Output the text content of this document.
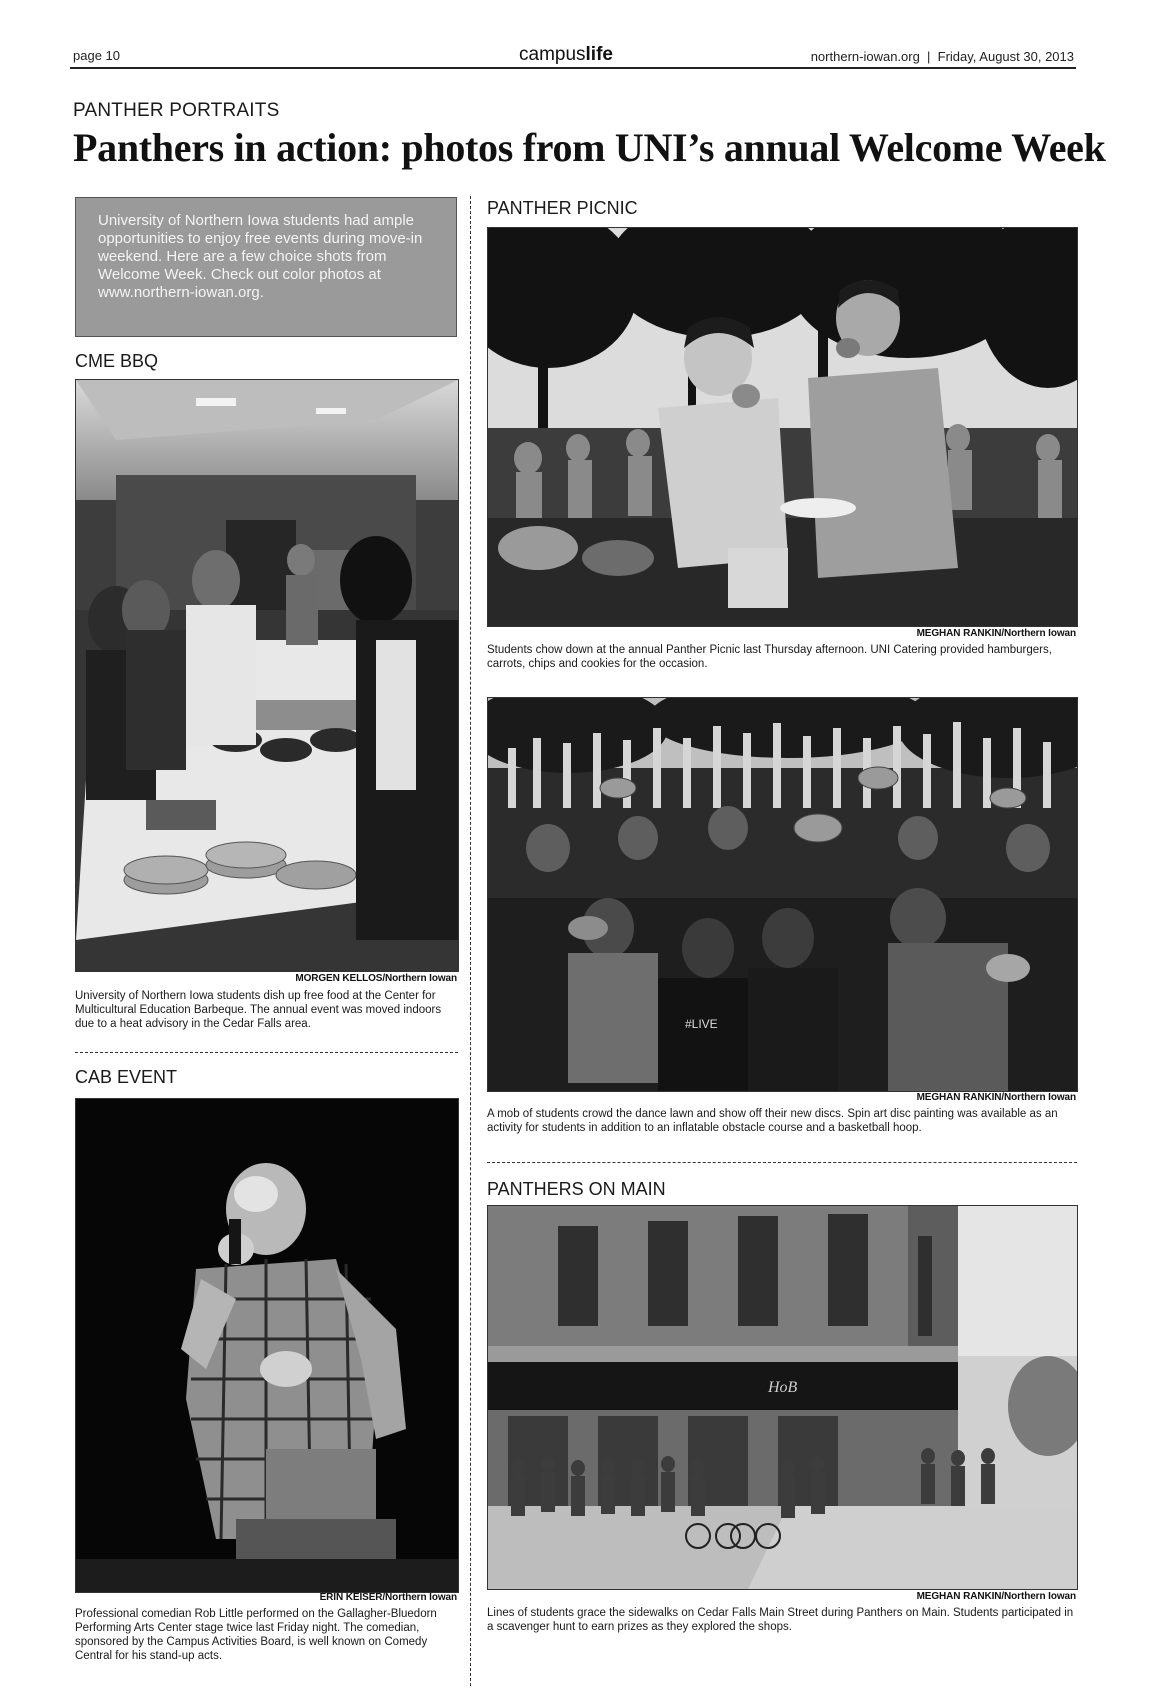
page 10	campuslife	northern-iowan.org  |  Friday, August 30, 2013
PANTHER PORTRAITS
Panthers in action: photos from UNI’s annual Welcome Week
University of Northern Iowa students had ample opportunities to enjoy free events during move-in weekend. Here are a few choice shots from Welcome Week. Check out color photos at www.northern-iowan.org.
CME BBQ
MORGEN KELLOS/Northern Iowan
University of Northern Iowa students dish up free food at the Center for Multicultural Education Barbeque. The annual event was moved indoors due to a heat advisory in the Cedar Falls area.
CAB EVENT
ERIN KEISER/Northern Iowan
Professional comedian Rob Little performed on the Gallagher-Bluedorn Performing Arts Center stage twice last Friday night. The comedian, sponsored by the Campus Activities Board, is well known on Comedy Central for his stand-up acts.
PANTHER PICNIC
MEGHAN RANKIN/Northern Iowan
Students chow down at the annual Panther Picnic last Thursday afternoon. UNI Catering provided hamburgers, carrots, chips and cookies for the occasion.
#LIVE
MEGHAN RANKIN/Northern Iowan
A mob of students crowd the dance lawn and show off their new discs. Spin art disc painting was available as an activity for students in addition to an inflatable obstacle course and a basketball hoop.
PANTHERS ON MAIN
HoB
MEGHAN RANKIN/Northern Iowan
Lines of students grace the sidewalks on Cedar Falls Main Street during Panthers on Main. Students participated in a scavenger hunt to earn prizes as they explored the shops.
